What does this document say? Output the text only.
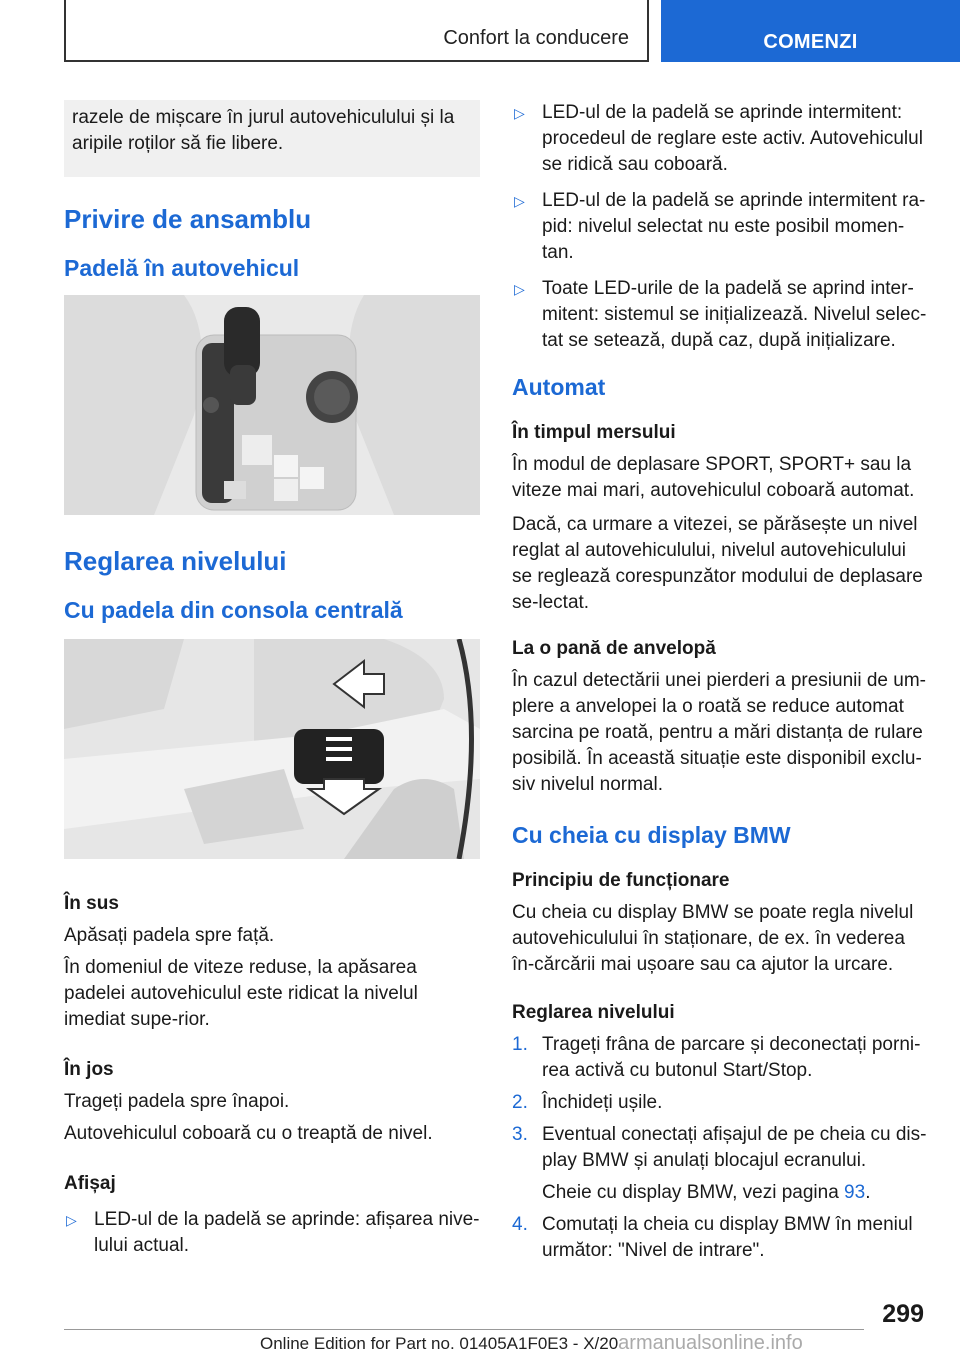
Confort la conducere	COMENZI
razele de mișcare în jurul autovehiculului și la aripile roților să fie libere.
Privire de ansamblu
Padelă în autovehicul
Reglarea nivelului
Cu padela din consola centrală
În sus

Apăsați padela spre față.

În domeniul de viteze reduse, la apăsarea padelei autovehiculul este ridicat la nivelul imediat supe-rior.

În jos

Trageți padela spre înapoi.

Autovehiculul coboară cu o treaptă de nivel.

Afișaj
▷ LED-ul de la padelă se aprinde: afișarea nive-lului actual.
▷ LED-ul de la padelă se aprinde intermitent: procedeul de reglare este activ. Autovehiculul se ridică sau coboară.
▷ LED-ul de la padelă se aprinde intermitent ra-pid: nivelul selectat nu este posibil momen-tan.
▷ Toate LED-urile de la padelă se aprind inter-mitent: sistemul se inițializează. Nivelul selec-tat se setează, după caz, după inițializare.
Automat
În timpul mersului

În modul de deplasare SPORT, SPORT+ sau la viteze mai mari, autovehiculul coboară automat.

Dacă, ca urmare a vitezei, se părăsește un nivel reglat al autovehiculului, nivelul autovehiculului se reglează corespunzător modului de deplasare se-lectat.

La o pană de anvelopă

În cazul detectării unei pierderi a presiunii de um-plere a anvelopei la o roată se reduce automat sarcina pe roată, pentru a mări distanța de rulare posibilă. În această situație este disponibil exclu-siv nivelul normal.

Cu cheia cu display BMW
Principiu de funcționare

Cu cheia cu display BMW se poate regla nivelul autovehiculului în staționare, de ex. în vederea în-cărcării mai ușoare sau ca ajutor la urcare.

Reglarea nivelului
1. Trageți frâna de parcare și deconectați porni-rea activă cu butonul Start/Stop.
2. Închideți ușile.
3. Eventual conectați afișajul de pe cheia cu dis-play BMW și anulați blocajul ecranului.
Cheie cu display BMW, vezi pagina 93.
4. Comutați la cheia cu display BMW în meniul următor: "Nivel de intrare".
299
Online Edition for Part no. 01405A1F0E3 - X/20armanualsonline.info
